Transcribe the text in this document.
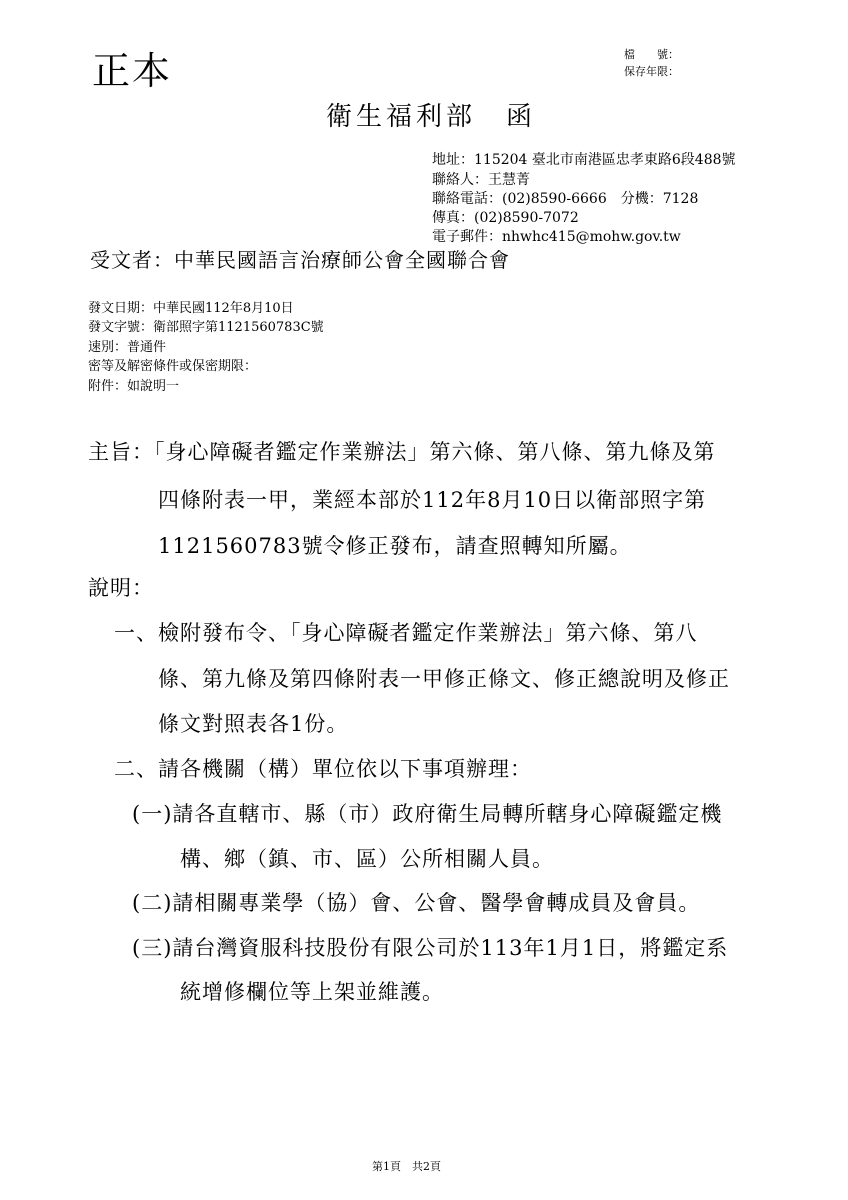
正本	檔　　號：
保存年限：
衛生福利部　函
地址：115204 臺北市南港區忠孝東路6段488號
聯絡人：王慧菁
聯絡電話：(02)8590-6666　分機：7128
傳真：(02)8590-7072
電子郵件：nhwhc415@mohw.gov.tw
受文者：中華民國語言治療師公會全國聯合會
發文日期：中華民國112年8月10日
發文字號：衛部照字第1121560783C號
速別：普通件
密等及解密條件或保密期限：
附件：如說明一
主旨：「身心障礙者鑑定作業辦法」第六條、第八條、第九條及第
四條附表一甲，業經本部於112年8月10日以衛部照字第
1121560783號令修正發布，請查照轉知所屬。
說明：
一、檢附發布令、「身心障礙者鑑定作業辦法」第六條、第八
條、第九條及第四條附表一甲修正條文、修正總說明及修正
條文對照表各1份。
二、請各機關（構）單位依以下事項辦理：
(一)請各直轄市、縣（市）政府衛生局轉所轄身心障礙鑑定機
構、鄉（鎮、市、區）公所相關人員。
(二)請相關專業學（協）會、公會、醫學會轉成員及會員。
(三)請台灣資服科技股份有限公司於113年1月1日，將鑑定系
統增修欄位等上架並維護。
第1頁　共2頁
